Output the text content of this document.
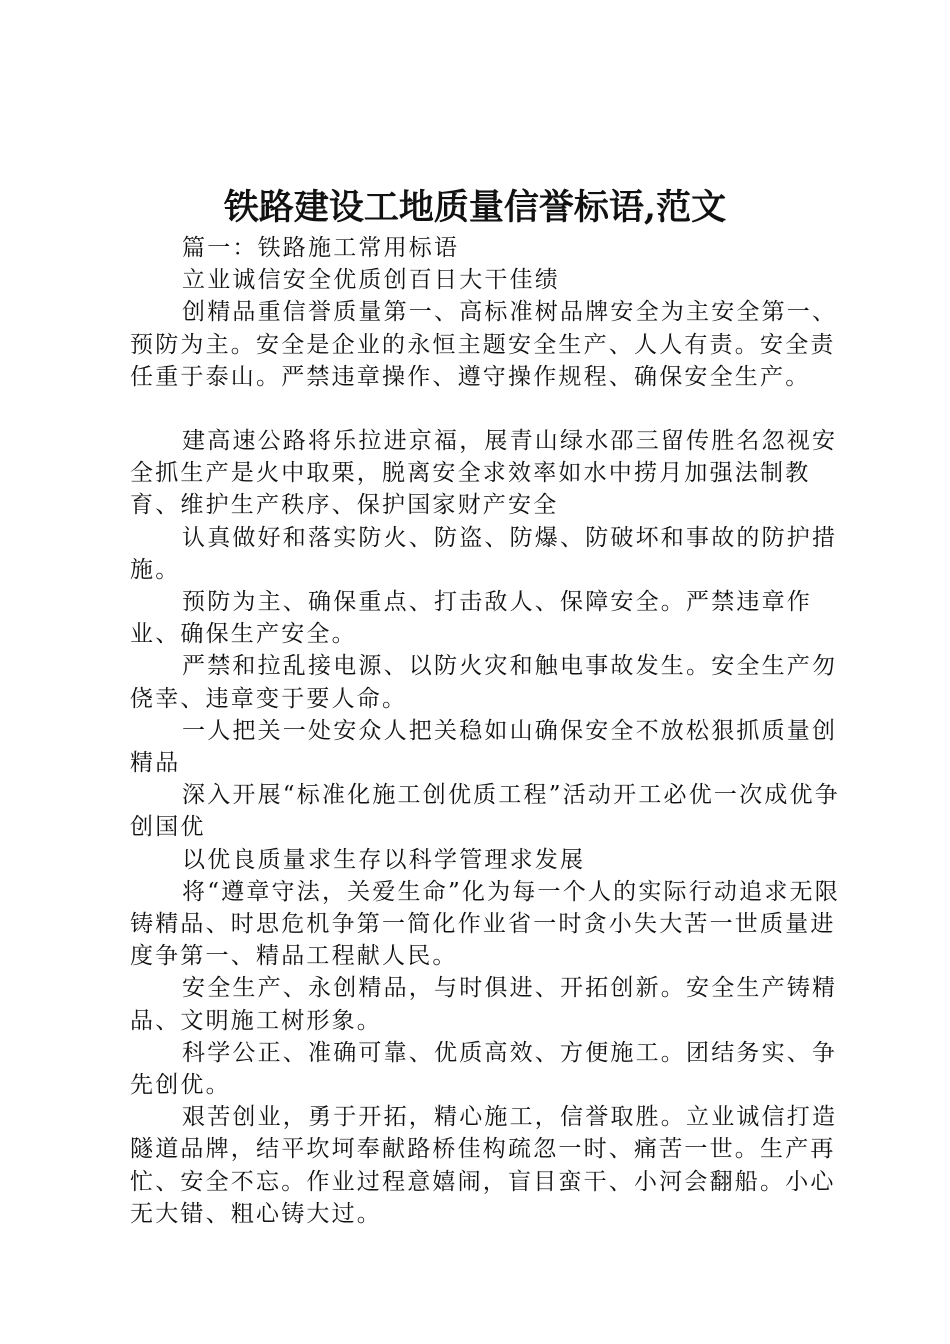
铁路建设工地质量信誉标语,范文

篇一：铁路施工常用标语

立业诚信安全优质创百日大干佳绩

创精品重信誉质量第一、高标准树品牌安全为主安全第一、预防为主。安全是企业的永恒主题安全生产、人人有责。安全责任重于泰山。严禁违章操作、遵守操作规程、确保安全生产。

建高速公路将乐拉进京福，展青山绿水邵三留传胜名忽视安全抓生产是火中取栗，脱离安全求效率如水中捞月加强法制教育、维护生产秩序、保护国家财产安全

认真做好和落实防火、防盗、防爆、防破坏和事故的防护措施。

预防为主、确保重点、打击敌人、保障安全。严禁违章作业、确保生产安全。

严禁和拉乱接电源、以防火灾和触电事故发生。安全生产勿侥幸、违章变于要人命。

一人把关一处安众人把关稳如山确保安全不放松狠抓质量创精品

深入开展“标准化施工创优质工程”活动开工必优一次成优争创国优

以优良质量求生存以科学管理求发展

将“遵章守法，关爱生命”化为每一个人的实际行动追求无限铸精品、时思危机争第一简化作业省一时贪小失大苦一世质量进度争第一、精品工程献人民。

安全生产、永创精品，与时俱进、开拓创新。安全生产铸精品、文明施工树形象。

科学公正、准确可靠、优质高效、方便施工。团结务实、争先创优。

艰苦创业，勇于开拓，精心施工，信誉取胜。立业诚信打造隧道品牌，结平坎坷奉献路桥佳构疏忽一时、痛苦一世。生产再忙、安全不忘。作业过程意嬉闹，盲目蛮干、小河会翻船。小心无大错、粗心铸大过。
